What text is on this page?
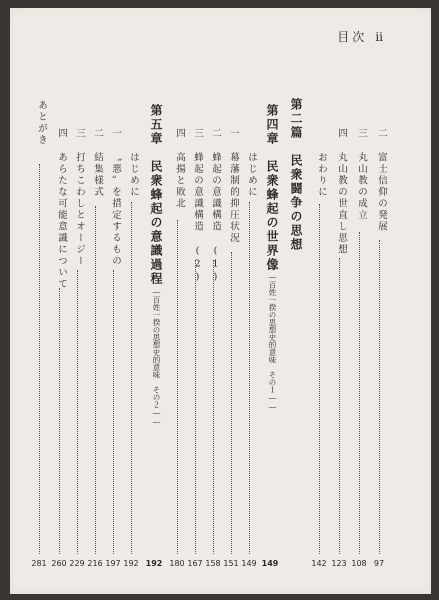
目次 ii
二
富士信仰の発展
97
三
丸山教の成立
108
四
丸山教の世直し思想
123
おわりに
142
第二篇　民衆闘争の思想
第四章　民衆蜂起の世界像
149
――百姓一揆の思想史的意味　その１――
はじめに
149
一
幕藩制的抑圧状況
151
二
蜂起の意識構造 (1)
158
三
蜂起の意識構造 (2)
167
四
高揚と敗北
180
第五章　民衆蜂起の意識過程
192
――百姓一揆の思想史的意味　その２――
はじめに
192
一
〝悪〟を措定するもの
197
二
結集様式
216
三
打ちこわしとオージー
229
四
あらたな可能意識について
260
あとがき
281
